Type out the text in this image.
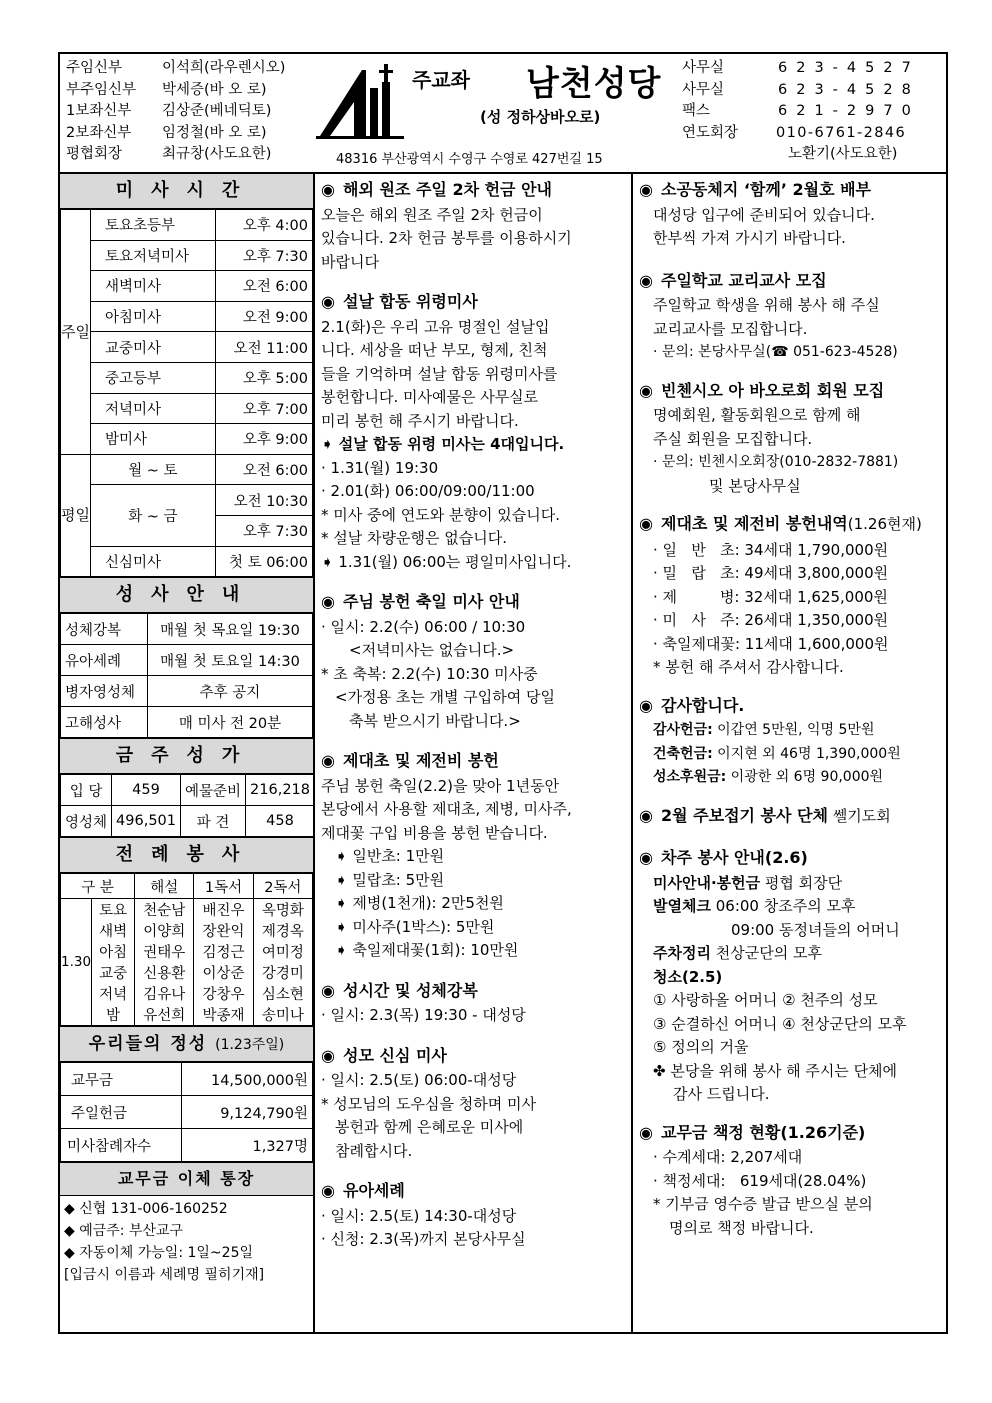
주임신부	이석희(라우렌시오)
부주임신부 박세증(바 오 로)
1보좌신부 김상준(베네딕토)
2보좌신부 임정철(바 오 로)
평협회장	최규창(사도요한)
주교좌 남천성당
(성 정하상바오로)
48316 부산광역시 수영구 수영로 427번길 15
사무실	623-4527
사무실	623-4528
팩스	621-2970
연도회장	010-6761-2846
노환기(사도요한)
미사시간
주일	토요초등부	오후 4:00
	토요저녁미사	오후 7:30
	새벽미사	오전 6:00
	아침미사	오전 9:00
	교중미사	오전 11:00
	중고등부	오후 5:00
	저녁미사	오후 7:00
	밤미사	오후 9:00
평일	월 ~ 토	오전 6:00
	화 ~ 금	오전 10:30
		오후 7:30
	신심미사	첫 토 06:00
성사안내
성체강복	매월 첫 목요일 19:30
유아세례	매월 첫 토요일 14:30
병자영성체	추후 공지
고해성사	매 미사 전 20분
금주성가
입 당	459	예물준비	216,218
영성체	496,501	파 견	458
전례봉사
구 분		해설	1독서	2독서
1.30	토요	천순남	배진우	옥명화
	새벽	이양희	장완익	제경옥
	아침	권태우	김정근	여미정
	교중	신용환	이상준	강경미
	저녁	김유나	강창우	심소현
	밤	유선희	박종재	송미나
우리들의 정성 (1.23주일)
교무금	14,500,000원
주일헌금	9,124,790원
미사참례자수	1,327명
교무금 이체 통장
◆ 신협 131-006-160252
◆ 예금주: 부산교구
◆ 자동이체 가능일: 1일~25일
[입금시 이름과 세례명 필히기재]
◉ 해외 원조 주일 2차 헌금 안내
오늘은 해외 원조 주일 2차 헌금이
있습니다. 2차 헌금 봉투를 이용하시기
바랍니다
◉ 설날 합동 위령미사
2.1(화)은 우리 고유 명절인 설날입
니다. 세상을 떠난 부모, 형제, 친척
들을 기억하며 설날 합동 위령미사를
봉헌합니다. 미사예물은 사무실로
미리 봉헌 해 주시기 바랍니다.
➧ 설날 합동 위령 미사는 4대입니다.
· 1.31(월) 19:30
· 2.01(화) 06:00/09:00/11:00
* 미사 중에 연도와 분향이 있습니다.
* 설날 차량운행은 없습니다.
➧ 1.31(월) 06:00는 평일미사입니다.
◉ 주님 봉헌 축일 미사 안내
· 일시: 2.2(수) 06:00 / 10:30
<저녁미사는 없습니다.>
* 초 축복: 2.2(수) 10:30 미사중
<가정용 초는 개별 구입하여 당일
축복 받으시기 바랍니다.>
◉ 제대초 및 제전비 봉헌
주님 봉헌 축일(2.2)을 맞아 1년동안
본당에서 사용할 제대초, 제병, 미사주,
제대꽃 구입 비용을 봉헌 받습니다.
➧ 일반초: 1만원
➧ 밀랍초: 5만원
➧ 제병(1천개): 2만5천원
➧ 미사주(1박스): 5만원
➧ 축일제대꽃(1회): 10만원
◉ 성시간 및 성체강복
· 일시: 2.3(목) 19:30 - 대성당
◉ 성모 신심 미사
· 일시: 2.5(토) 06:00-대성당
* 성모님의 도우심을 청하며 미사
봉헌과 함께 은혜로운 미사에
참례합시다.
◉ 유아세례
· 일시: 2.5(토) 14:30-대성당
· 신청: 2.3(목)까지 본당사무실
◉ 소공동체지 ‘함께’ 2월호 배부
대성당 입구에 준비되어 있습니다.
한부씩 가져 가시기 바랍니다.
◉ 주일학교 교리교사 모집
주일학교 학생을 위해 봉사 해 주실
교리교사를 모집합니다.
· 문의: 본당사무실(☎ 051-623-4528)
◉ 빈첸시오 아 바오로회 회원 모집
명예회원, 활동회원으로 함께 해
주실 회원을 모집합니다.
· 문의: 빈첸시오회장(010-2832-7881)
및 본당사무실
◉ 제대초 및 제전비 봉헌내역(1.26현재)
· 일   반   초: 34세대 1,790,000원
· 밀   랍   초: 49세대 3,800,000원
· 제         병: 32세대 1,625,000원
· 미   사   주: 26세대 1,350,000원
· 축일제대꽃: 11세대 1,600,000원
* 봉헌 해 주셔서 감사합니다.
◉ 감사합니다.
감사헌금: 이갑연 5만원, 익명 5만원
건축헌금: 이지현 외 46명 1,390,000원
성소후원금: 이광한 외 6명 90,000원
◉ 2월 주보접기 봉사 단체 쎌기도회
◉ 차주 봉사 안내(2.6)
미사안내·봉헌금 평협 회장단
발열체크 06:00 창조주의 모후
09:00 동정녀들의 어머니
주차정리 천상군단의 모후
청소(2.5)
① 사랑하올 어머니 ② 천주의 성모
③ 순결하신 어머니 ④ 천상군단의 모후
⑤ 정의의 거울
✤ 본당을 위해 봉사 해 주시는 단체에
감사 드립니다.
◉ 교무금 책정 현황(1.26기준)
· 수계세대: 2,207세대
· 책정세대:   619세대(28.04%)
* 기부금 영수증 발급 받으실 분의
명의로 책정 바랍니다.
